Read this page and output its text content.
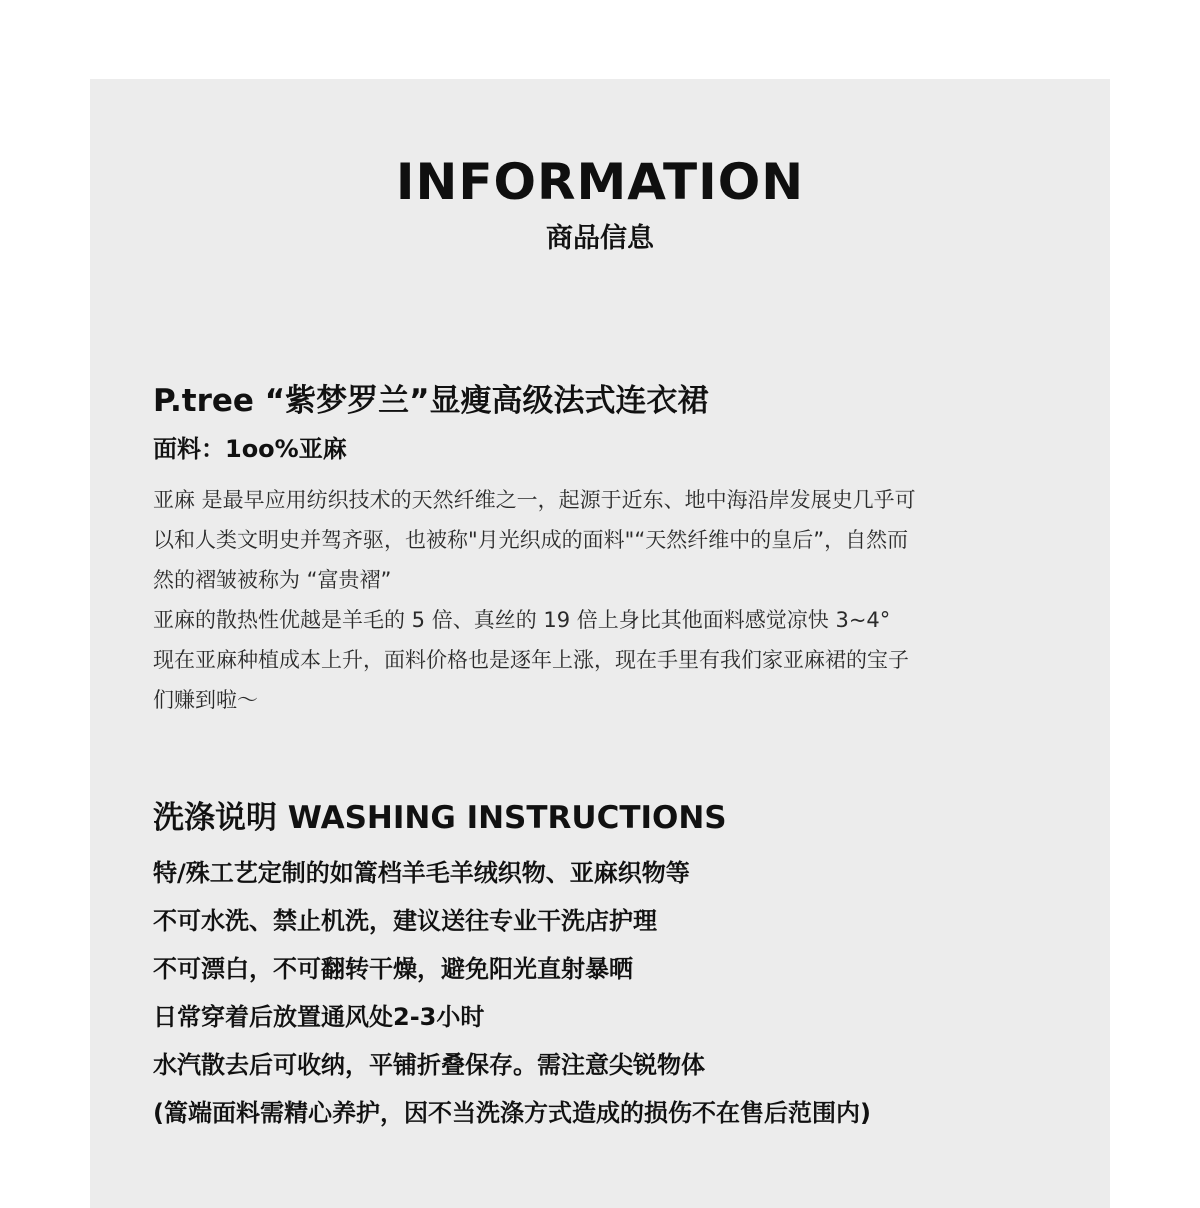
INFORMATION
商品信息
P.tree “紫梦罗兰”显瘦高级法式连衣裙
面料：1oo%亚麻
亚麻 是最早应用纺织技术的天然纤维之一，起源于近东、地中海沿岸发展史几乎可
以和人类文明史并驾齐驱，也被称"月光织成的面料"“天然纤维中的皇后”，自然而
然的褶皱被称为 “富贵褶”
亚麻的散热性优越是羊毛的 5 倍、真丝的 19 倍上身比其他面料感觉凉快 3~4°
现在亚麻种植成本上升，面料价格也是逐年上涨，现在手里有我们家亚麻裙的宝子
们赚到啦～
洗涤说明 WASHING INSTRUCTIONS
特/殊工艺定制的如篙档羊毛羊绒织物、亚麻织物等
不可水洗、禁止机洗，建议送往专业干洗店护理
不可漂白，不可翻转干燥，避免阳光直射暴晒
日常穿着后放置通风处2-3小时
水汽散去后可收纳，平铺折叠保存。需注意尖锐物体
(篙端面料需精心养护，因不当洗涤方式造成的损伤不在售后范围内)
